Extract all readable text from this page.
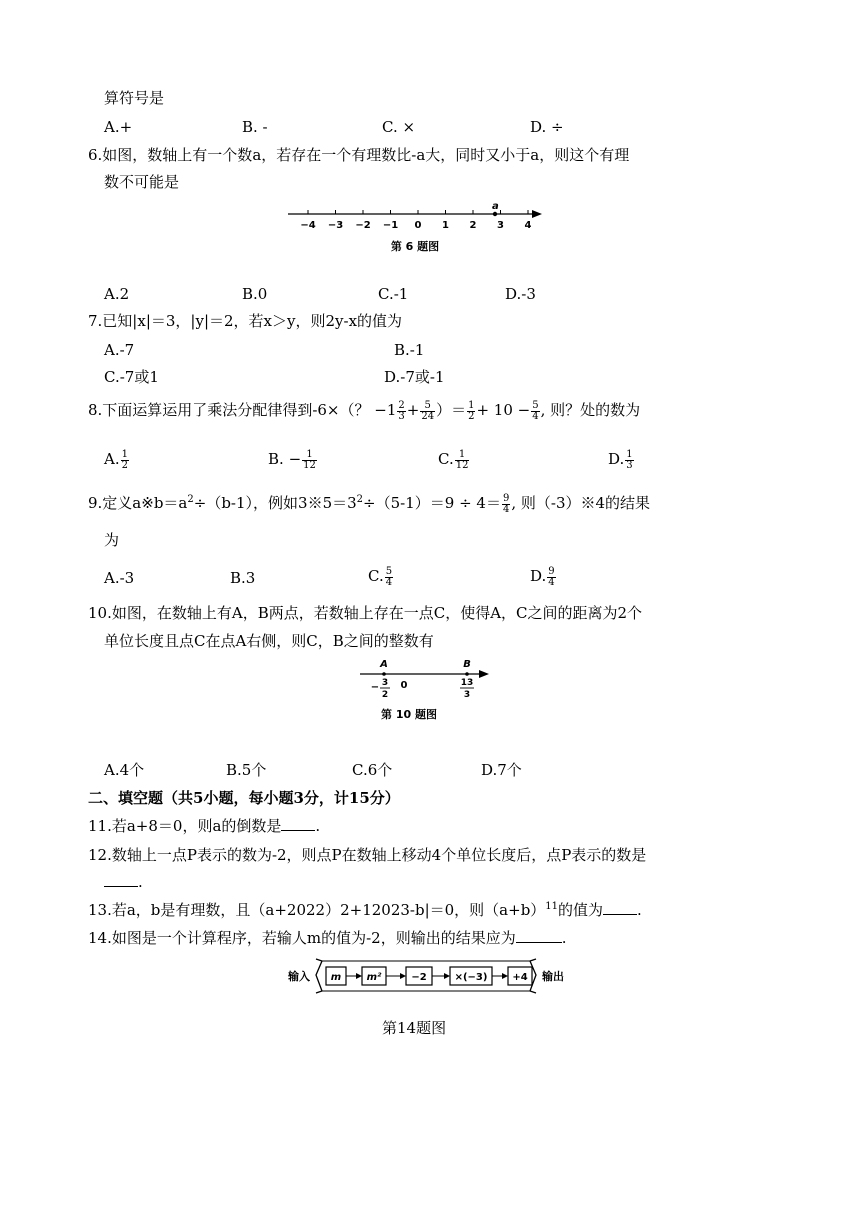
算符号是
A.+	B. -	C. ×	D. ÷
6.如图，数轴上有一个数a，若存在一个有理数比-a大，同时又小于a，则这个有理
数不可能是
−4 −3 −2 −1 0 1 2 3 4
a
第 6 题图
A.2	B.0	C.-1	D.-3
7.已知|x|＝3，|y|＝2，若x＞y，则2y-x的值为
A.-7	B.-1
C.-7或1	D.-7或-1
8.下面运算运用了乘法分配律得到-6×（？ $-1 \frac{2}{3} + \frac{5}{24}$ ）＝ $\frac{1}{2} + 10 - \frac{5}{4}$ , 则？处的数为
A. $\frac{1}{2}$	B. − $\frac{1}{12}$	C. $\frac{1}{12}$	D. $\frac{1}{3}$
9.定义$a※b=a^2\div(b-1)$，例如$3※5=3^2\div(5-1)=9 \div 4= \frac{9}{4}$ , 则（-3）※4的结果
为
A.-3	B.3	C. $\frac{5}{4}$	D. $\frac{9}{4}$
10.如图，在数轴上有A，B两点，若数轴上存在一点C，使得A，C之间的距离为2个
单位长度且点C在点A右侧，则C，B之间的整数有
A	B
− 3
2
0	13
3
第 10 题图
A.4个	B.5个	C.6个	D.7个
二、填空题（共5小题，每小题3分，计15分）
11.若a+8＝0，则a的倒数是 .
12.数轴上一点P表示的数为-2，则点P在数轴上移动4个单位长度后，点P表示的数是
.
13.若a，b是有理数，且（a+2022）2+12023-b|＝0，则$(a+b)^{11}$的值为 .
14.如图是一个计算程序，若输人m的值为-2，则输出的结果应为	.
输入 m	m²	−2	×(−3) +4 输出
第14题图
